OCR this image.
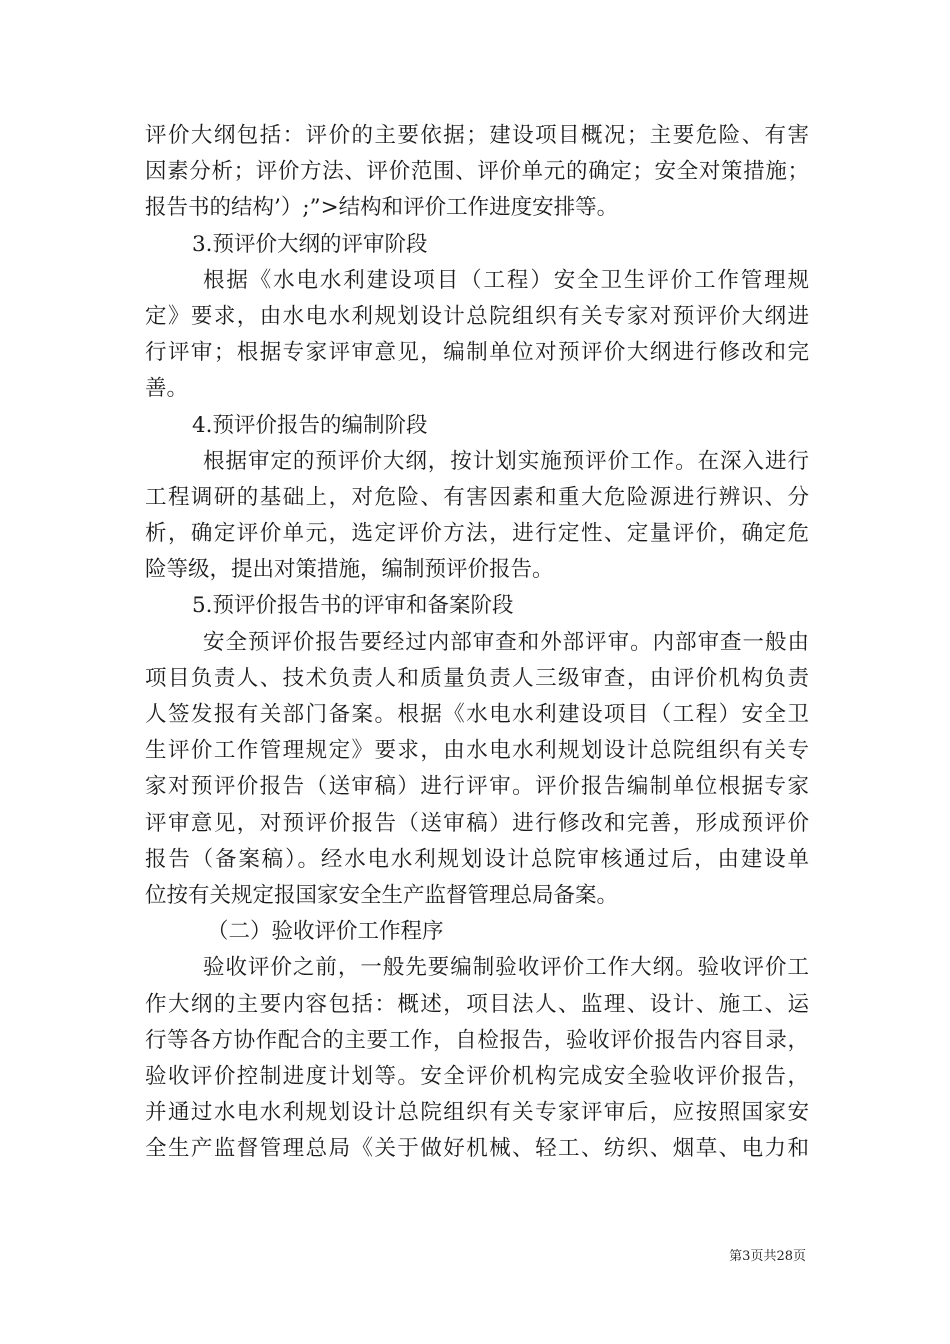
评价大纲包括：评价的主要依据；建设项目概况；主要危险、有害
因素分析；评价方法、评价范围、评价单元的确定；安全对策措施；
报告书的结构’）;”>结构和评价工作进度安排等。
3.预评价大纲的评审阶段
根据《水电水利建设项目（工程）安全卫生评价工作管理规
定》要求，由水电水利规划设计总院组织有关专家对预评价大纲进
行评审；根据专家评审意见，编制单位对预评价大纲进行修改和完
善。
4.预评价报告的编制阶段
根据审定的预评价大纲，按计划实施预评价工作。在深入进行
工程调研的基础上，对危险、有害因素和重大危险源进行辨识、分
析，确定评价单元，选定评价方法，进行定性、定量评价，确定危
险等级，提出对策措施，编制预评价报告。
5.预评价报告书的评审和备案阶段
安全预评价报告要经过内部审查和外部评审。内部审查一般由
项目负责人、技术负责人和质量负责人三级审查，由评价机构负责
人签发报有关部门备案。根据《水电水利建设项目（工程）安全卫
生评价工作管理规定》要求，由水电水利规划设计总院组织有关专
家对预评价报告（送审稿）进行评审。评价报告编制单位根据专家
评审意见，对预评价报告（送审稿）进行修改和完善，形成预评价
报告（备案稿）。经水电水利规划设计总院审核通过后，由建设单
位按有关规定报国家安全生产监督管理总局备案。
（二）验收评价工作程序
验收评价之前，一般先要编制验收评价工作大纲。验收评价工
作大纲的主要内容包括：概述，项目法人、监理、设计、施工、运
行等各方协作配合的主要工作，自检报告，验收评价报告内容目录，
验收评价控制进度计划等。安全评价机构完成安全验收评价报告，
并通过水电水利规划设计总院组织有关专家评审后，应按照国家安
全生产监督管理总局《关于做好机械、轻工、纺织、烟草、电力和
第3页共28页
